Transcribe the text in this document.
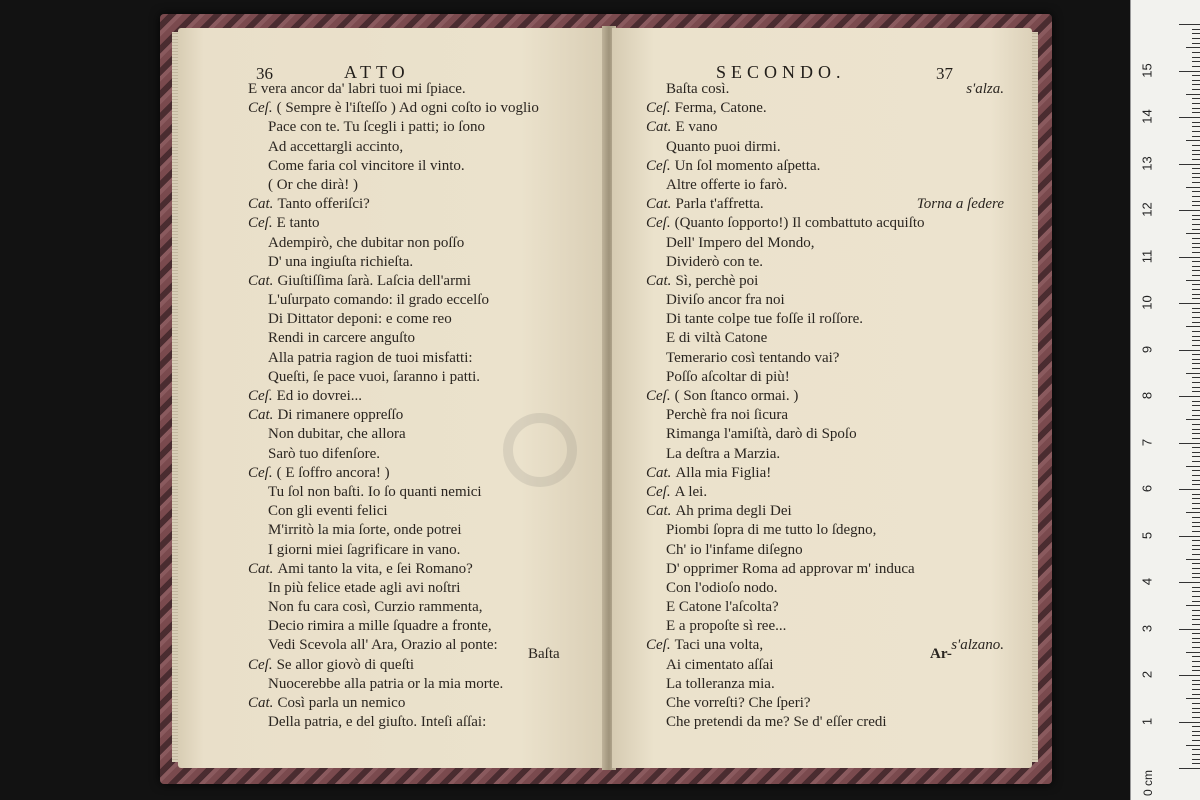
36	ATTO
E vera ancor da' labri tuoi mi ſpiace.
Ceſ. ( Sempre è l'iſteſſo ) Ad ogni coſto io voglio
Pace con te. Tu ſcegli i patti; io ſono
Ad accettargli accinto,
Come faria col vincitore il vinto.
( Or che dirà! )
Cat. Tanto offeriſci?
Ceſ. E tanto
Adempirò, che dubitar non poſſo
D' una ingiuſta richieſta.
Cat. Giuſtiſſima ſarà. Laſcia dell'armi
L'uſurpato comando: il grado eccelſo
Di Dittator deponi: e come reo
Rendi in carcere anguſto
Alla patria ragion de tuoi misfatti:
Queſti, ſe pace vuoi, ſaranno i patti.
Ceſ. Ed io dovrei...
Cat. Di rimanere oppreſſo
Non dubitar, che allora
Sarò tuo difenſore.
Ceſ. ( E ſoffro ancora! )
Tu ſol non baſti. Io ſo quanti nemici
Con gli eventi felici
M'irritò la mia ſorte, onde potrei
I giorni miei ſagrificare in vano.
Cat. Ami tanto la vita, e ſei Romano?
In più felice etade agli avi noſtri
Non fu cara così, Curzio rammenta,
Decio rimira a mille ſquadre a fronte,
Vedi Scevola all' Ara, Orazio al ponte:
Ceſ. Se allor giovò di queſti
Nuocerebbe alla patria or la mia morte.
Cat. Così parla un nemico
Della patria, e del giuſto. Inteſi aſſai:
Baſta
SECONDO.	37
Baſta così.	s'alza.
Ceſ. Ferma, Catone.
Cat. E vano
Quanto puoi dirmi.
Ceſ. Un ſol momento aſpetta.
Altre offerte io farò.
Cat. Parla t'affretta.	Torna a ſedere
Ceſ. (Quanto ſopporto!) Il combattuto acquiſto
Dell' Impero del Mondo,
Dividerò con te.
Cat. Sì, perchè poi
Diviſo ancor fra noi
Di tante colpe tue foſſe il roſſore.
E di viltà Catone
Temerario così tentando vai?
Poſſo aſcoltar di più!
Ceſ. ( Son ſtanco ormai. )
Perchè fra noi ſicura
Rimanga l'amiſtà, darò di Spoſo
La deſtra a Marzia.
Cat. Alla mia Figlia!
Ceſ. A lei.
Cat. Ah prima degli Dei
Piombi ſopra di me tutto lo ſdegno,
Ch' io l'infame diſegno
D' opprimer Roma ad approvar m' induca
Con l'odioſo nodo.
E Catone l'aſcolta?
E a propoſte sì ree...
Ceſ. Taci una volta,	s'alzano.
Ai cimentato aſſai
La tolleranza mia.
Che vorreſti? Che ſperi?
Che pretendi da me? Se d' eſſer credi
Ar-
0 cm
1
2
3
4
5
6
7
8
9
10
11
12
13
14
15
